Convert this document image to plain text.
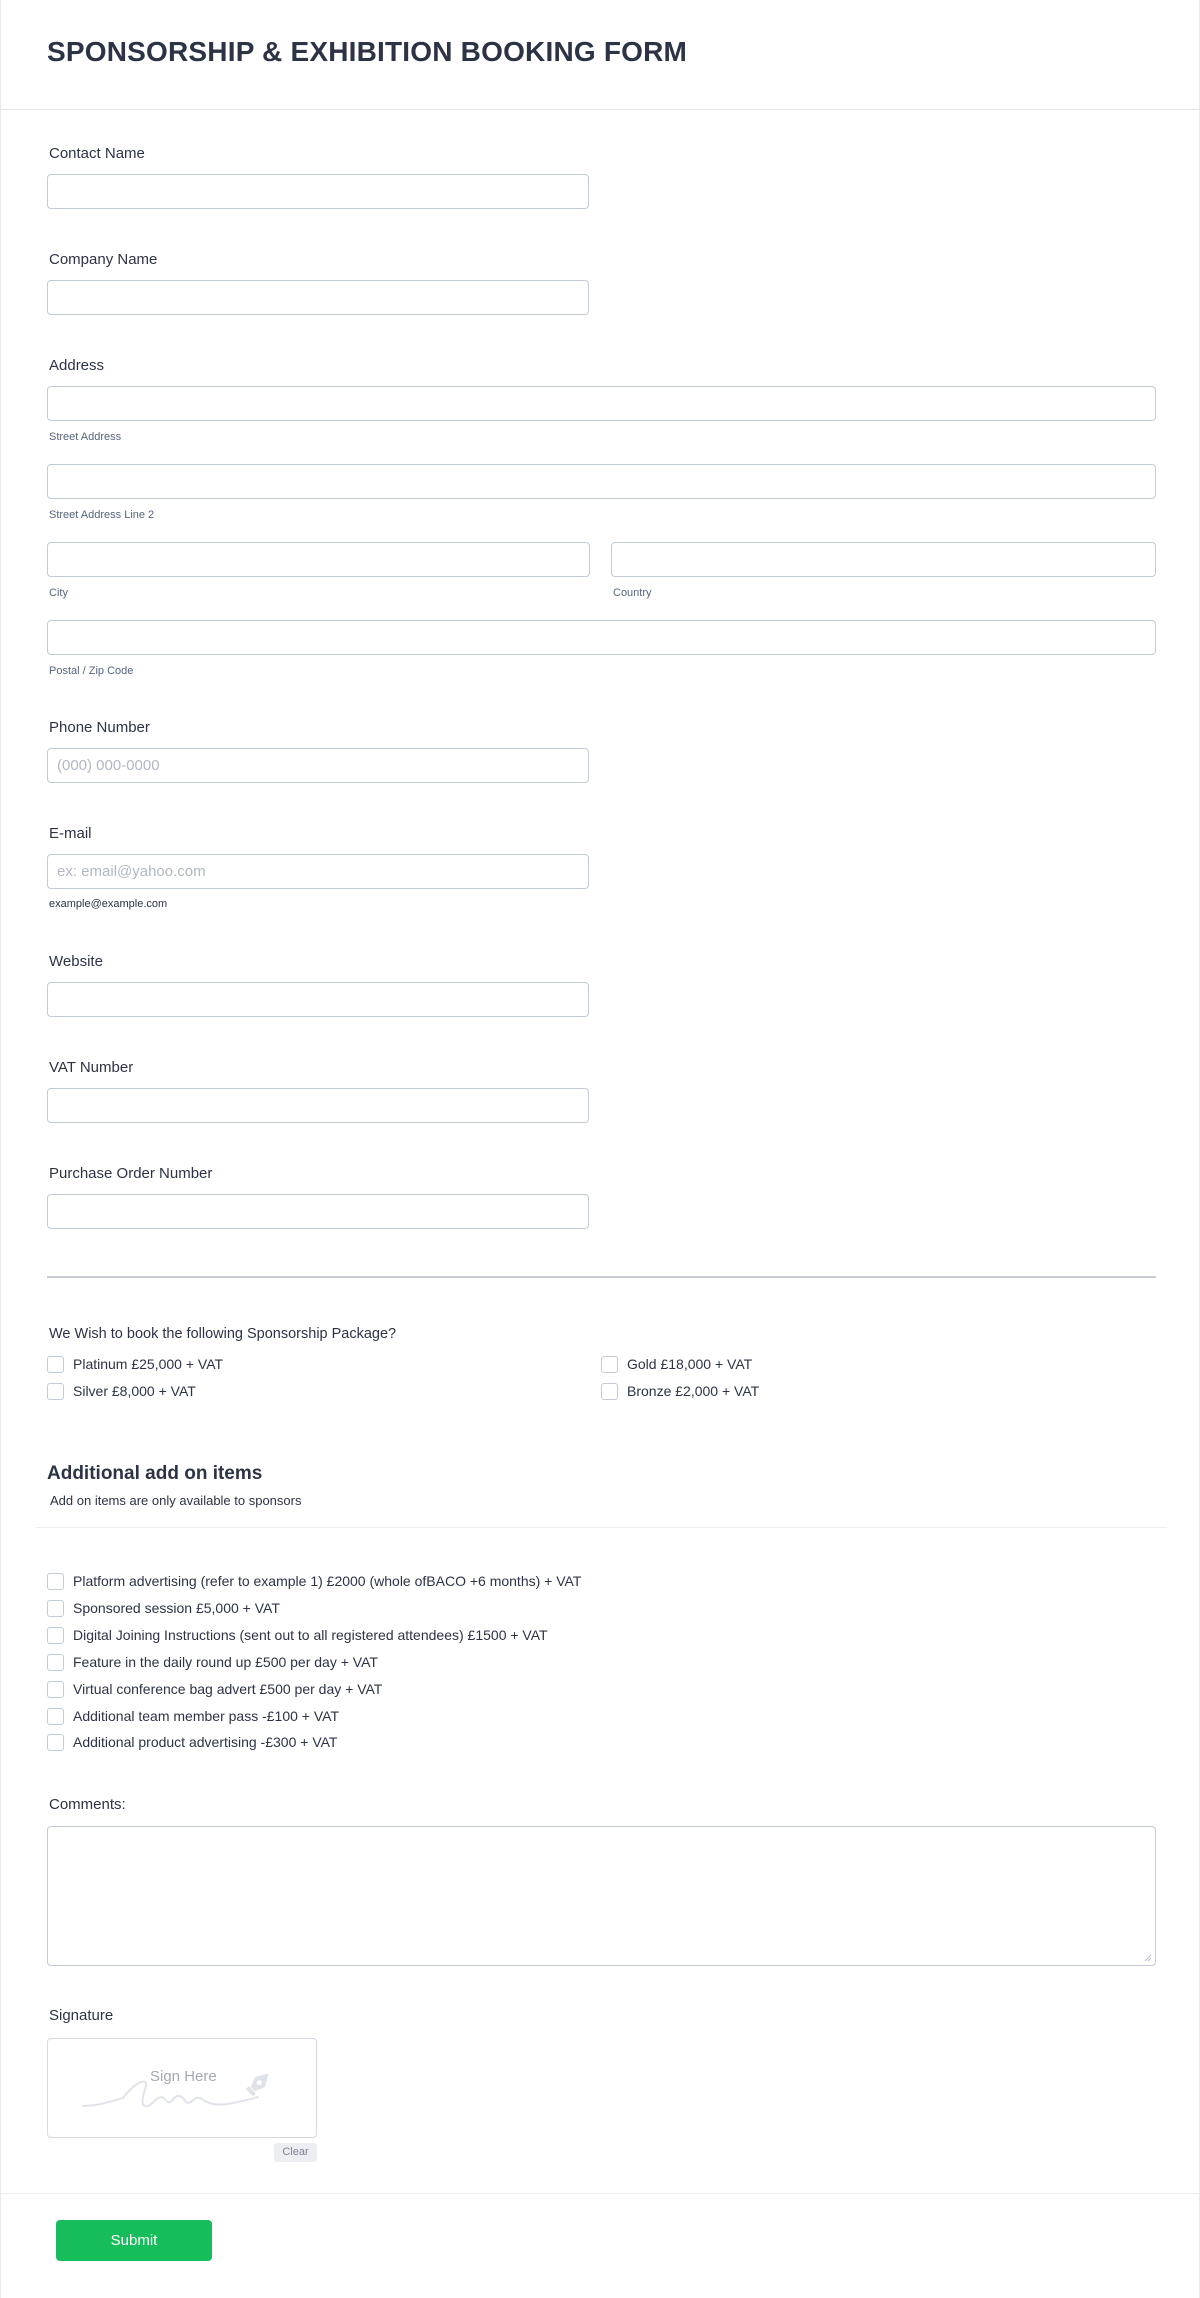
SPONSORSHIP & EXHIBITION BOOKING FORM
Contact Name
Company Name
Address
Street Address
Street Address Line 2
City	Country
Postal / Zip Code
Phone Number
(000) 000-0000
E-mail
ex: email@yahoo.com
example@example.com
Website
VAT Number
Purchase Order Number
We Wish to book the following Sponsorship Package?
Platinum £25,000 + VAT	Gold £18,000 + VAT
Silver £8,000 + VAT	Bronze £2,000 + VAT
Additional add on items
Add on items are only available to sponsors
Platform advertising (refer to example 1) £2000 (whole ofBACO +6 months) + VAT
Sponsored session £5,000 + VAT
Digital Joining Instructions (sent out to all registered attendees) £1500 + VAT
Feature in the daily round up £500 per day + VAT
Virtual conference bag advert £500 per day + VAT
Additional team member pass -£100 + VAT
Additional product advertising -£300 + VAT
Comments:
Signature
Sign Here
Clear
Submit
